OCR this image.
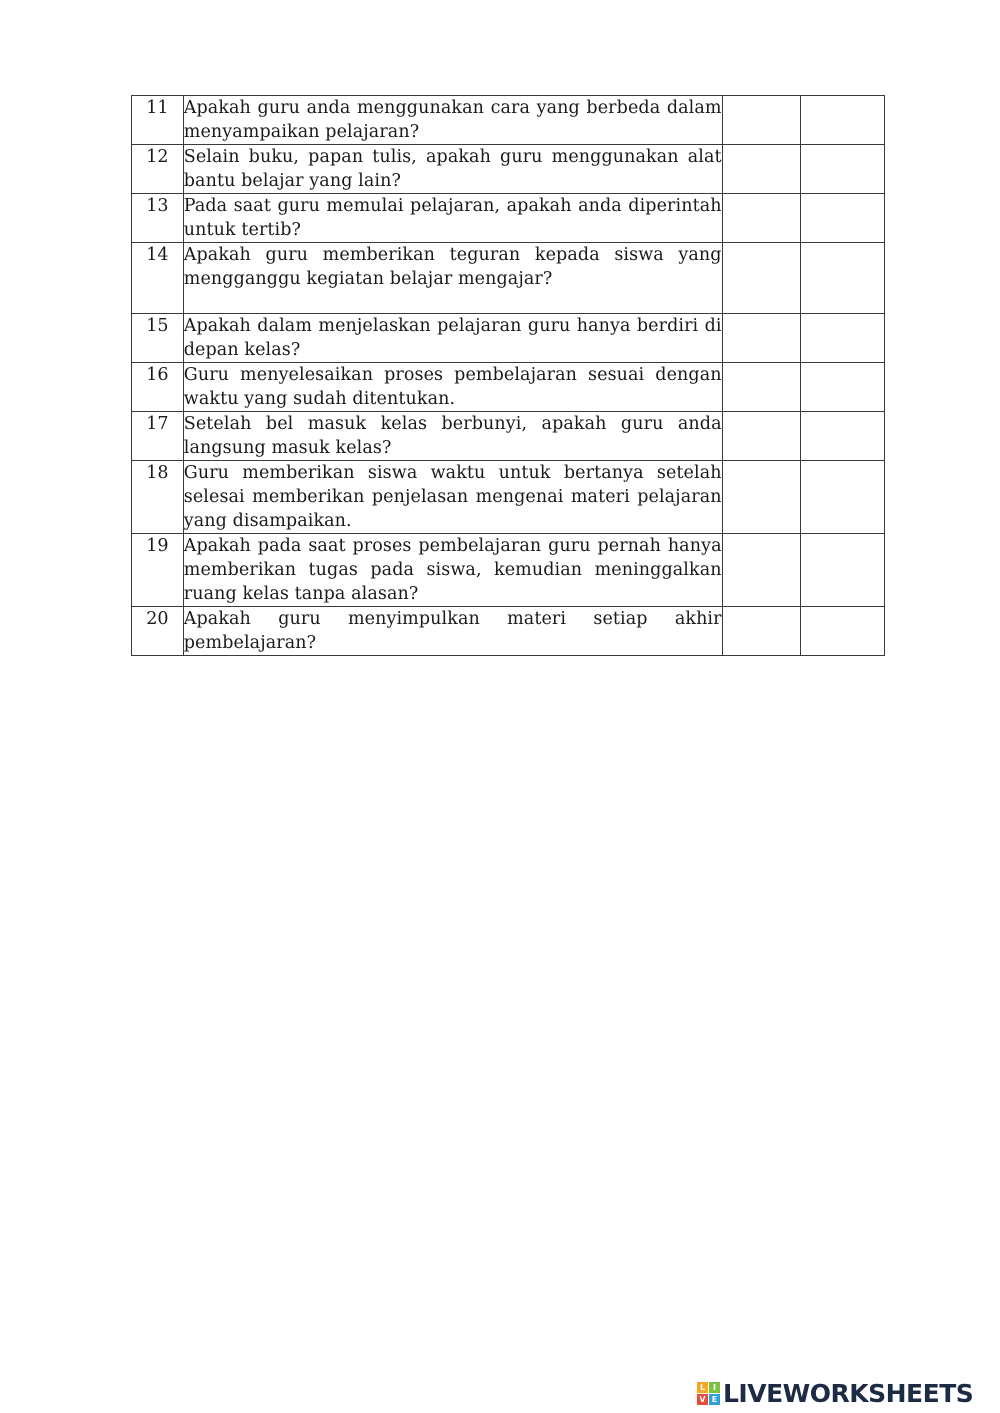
11	Apakah guru anda menggunakan cara yang berbeda dalam menyampaikan pelajaran?		
12	Selain buku, papan tulis, apakah guru menggunakan alat bantu belajar yang lain?		
13	Pada saat guru memulai pelajaran, apakah anda diperintah untuk tertib?		
14	Apakah guru memberikan teguran kepada siswa yang mengganggu kegiatan belajar mengajar?		
15	Apakah dalam menjelaskan pelajaran guru hanya berdiri di depan kelas?		
16	Guru menyelesaikan proses pembelajaran sesuai dengan waktu yang sudah ditentukan.		
17	Setelah bel masuk kelas berbunyi, apakah guru anda langsung masuk kelas?		
18	Guru memberikan siswa waktu untuk bertanya setelah selesai memberikan penjelasan mengenai materi pelajaran yang disampaikan.		
19	Apakah pada saat proses pembelajaran guru pernah hanya memberikan tugas pada siswa, kemudian meninggalkan ruang kelas tanpa alasan?		
20	Apakah guru menyimpulkan materi setiap akhir pembelajaran?		
L I
V E LIVEWORKSHEETS
